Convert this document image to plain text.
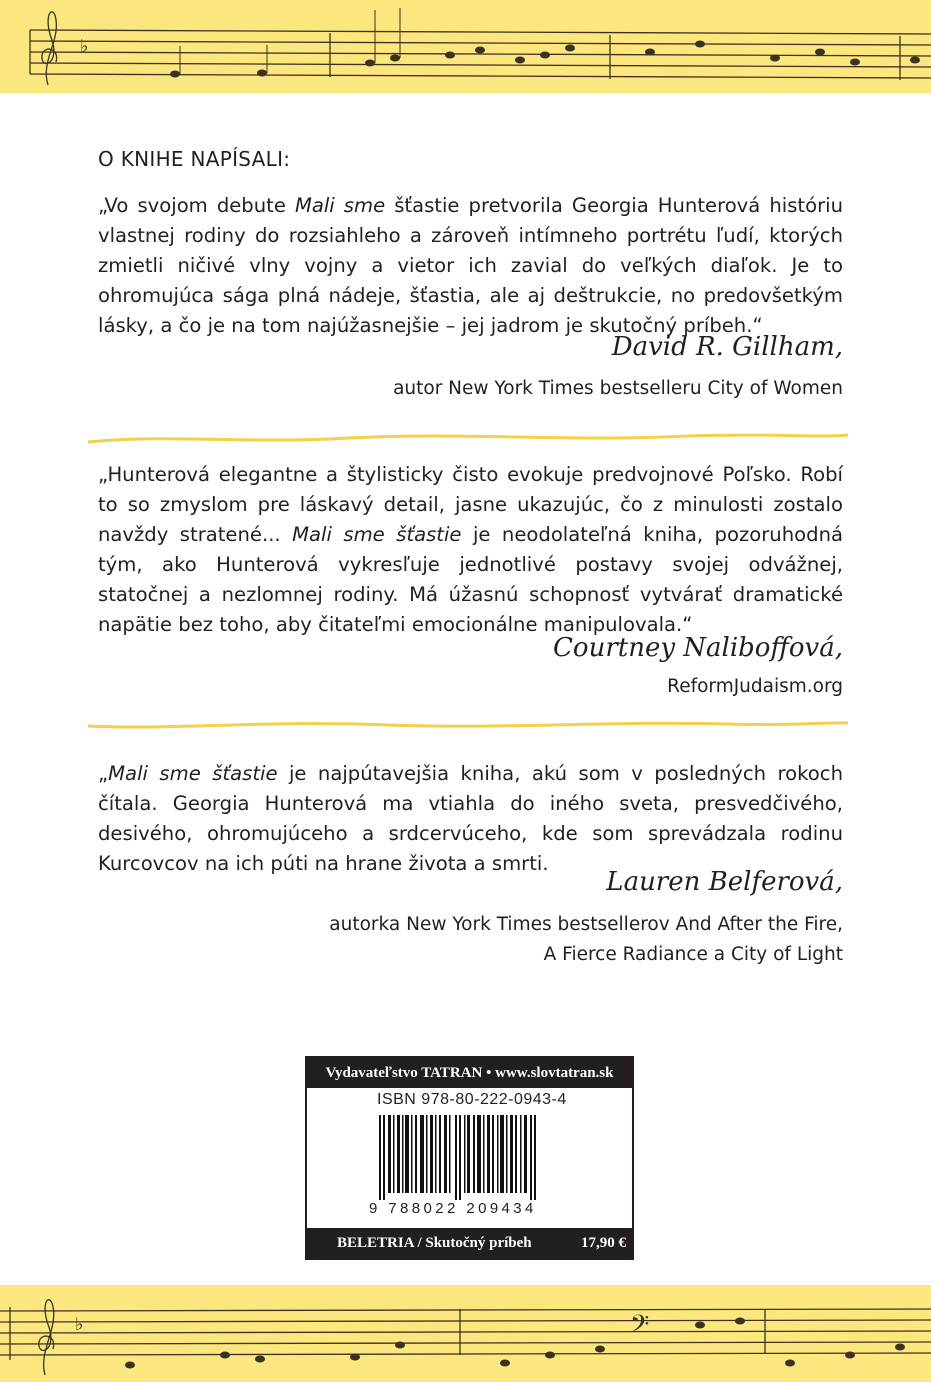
♭
O KNIHE NAPÍSALI:

„Vo svojom debute Mali sme šťastie pretvorila Georgia Hunterová históriu vlastnej rodiny do rozsiahleho a zároveň intímneho portrétu ľudí, ktorých zmietli ničivé vlny vojny a vietor ich zavial do veľkých diaľok. Je to ohromujúca sága plná nádeje, šťastia, ale aj deštrukcie, no predovšetkým lásky, a čo je na tom najúžasnejšie – jej jadrom je skutočný príbeh.“

David R. Gillham,
autor New York Times bestselleru City of Women

„Hunterová elegantne a štylisticky čisto evokuje predvojnové Poľsko. Robí to so zmyslom pre láskavý detail, jasne ukazujúc, čo z minulosti zostalo navždy stratené... Mali sme šťastie je neodolateľná kniha, pozoruhodná tým, ako Hunterová vykresľuje jednotlivé postavy svojej odvážnej, statočnej a nezlomnej rodiny. Má úžasnú schopnosť vytvárať dramatické napätie bez toho, aby čitateľmi emocionálne manipulovala.“

Courtney Naliboffová,
ReformJudaism.org

„Mali sme šťastie je najpútavejšia kniha, akú som v posledných rokoch čítala. Georgia Hunterová ma vtiahla do iného sveta, presvedčivého, desivého, ohromujúceho a srdcervúceho, kde som sprevádzala rodinu Kurcovcov na ich púti na hrane života a smrti.

Lauren Belferová,
autorka New York Times bestsellerov And After the Fire,
A Fierce Radiance a City of Light
Vydavateľstvo TATRAN • www.slovtatran.sk
ISBN 978-80-222-0943-4
9 788022 209434
BELETRIA / Skutočný príbeh	17,90 €
♭	𝄢
